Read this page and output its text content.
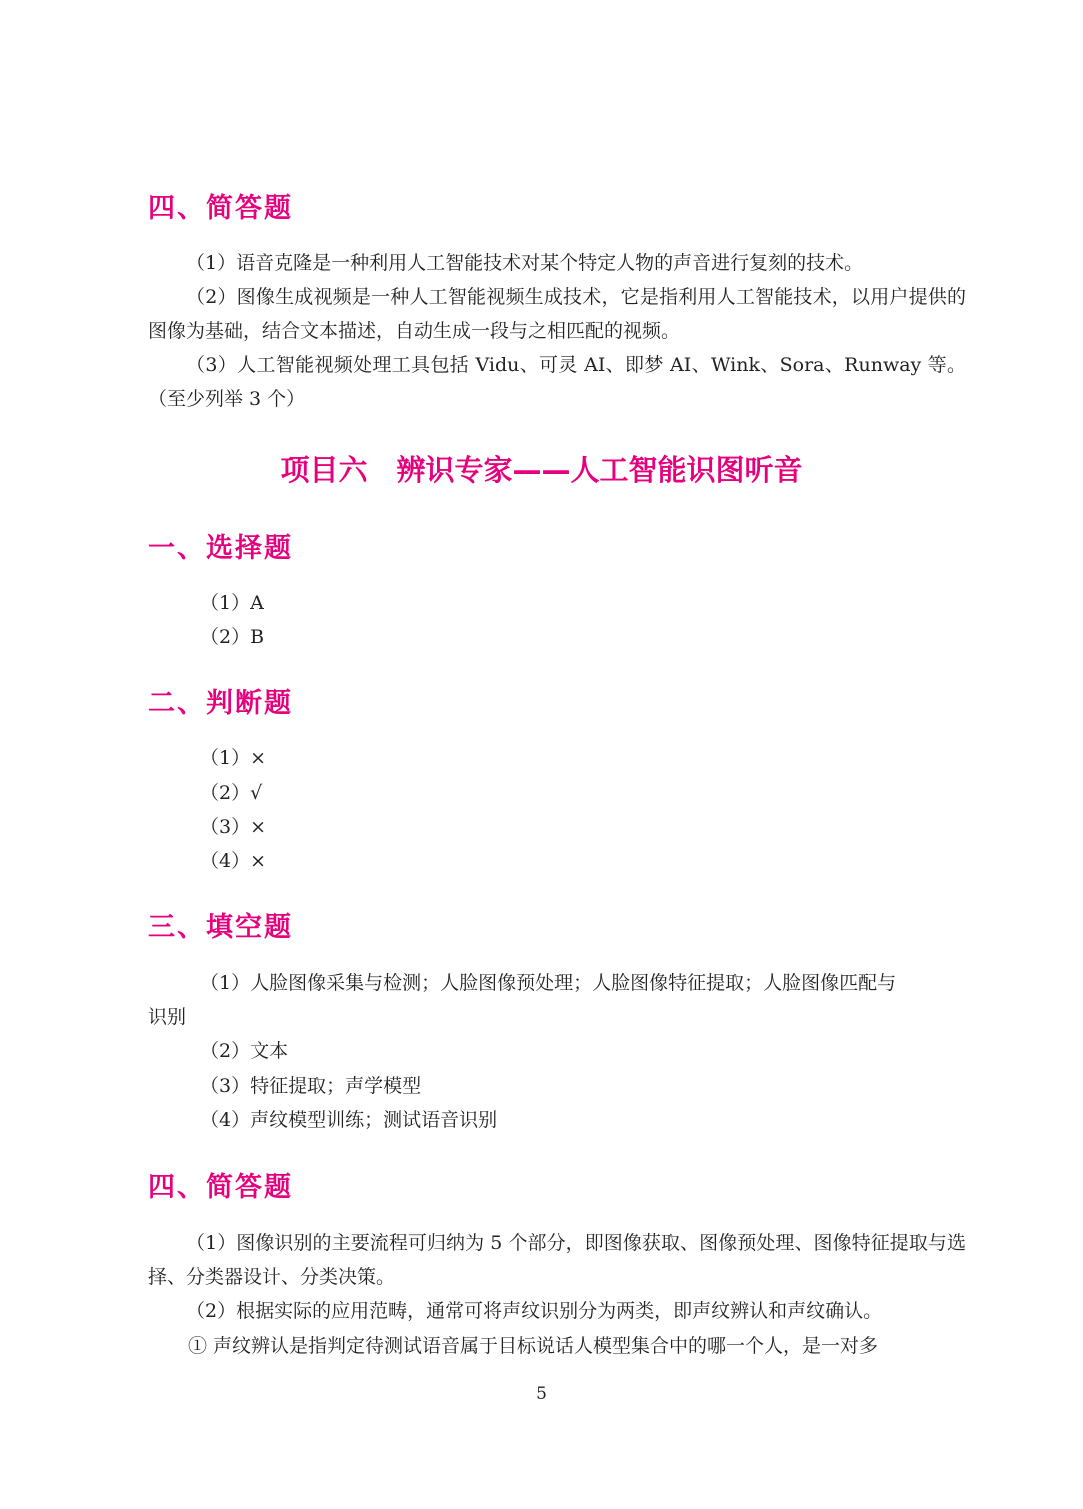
四、简答题

（1）语音克隆是一种利用人工智能技术对某个特定人物的声音进行复刻的技术。

（2）图像生成视频是一种人工智能视频生成技术，它是指利用人工智能技术，以用户提供的图像为基础，结合文本描述，自动生成一段与之相匹配的视频。

（3）人工智能视频处理工具包括 Vidu、可灵 AI、即梦 AI、Wink、Sora、Runway 等。（至少列举 3 个）

项目六　辨识专家——人工智能识图听音
一、选择题

（1）A

（2）B

二、判断题

（1）×

（2）√

（3）×

（4）×

三、填空题

（1）人脸图像采集与检测；人脸图像预处理；人脸图像特征提取；人脸图像匹配与

识别

（2）文本

（3）特征提取；声学模型

（4）声纹模型训练；测试语音识别

四、简答题

（1）图像识别的主要流程可归纳为 5 个部分，即图像获取、图像预处理、图像特征提取与选择、分类器设计、分类决策。

（2）根据实际的应用范畴，通常可将声纹识别分为两类，即声纹辨认和声纹确认。

① 声纹辨认是指判定待测试语音属于目标说话人模型集合中的哪一个人，是一对多

5
